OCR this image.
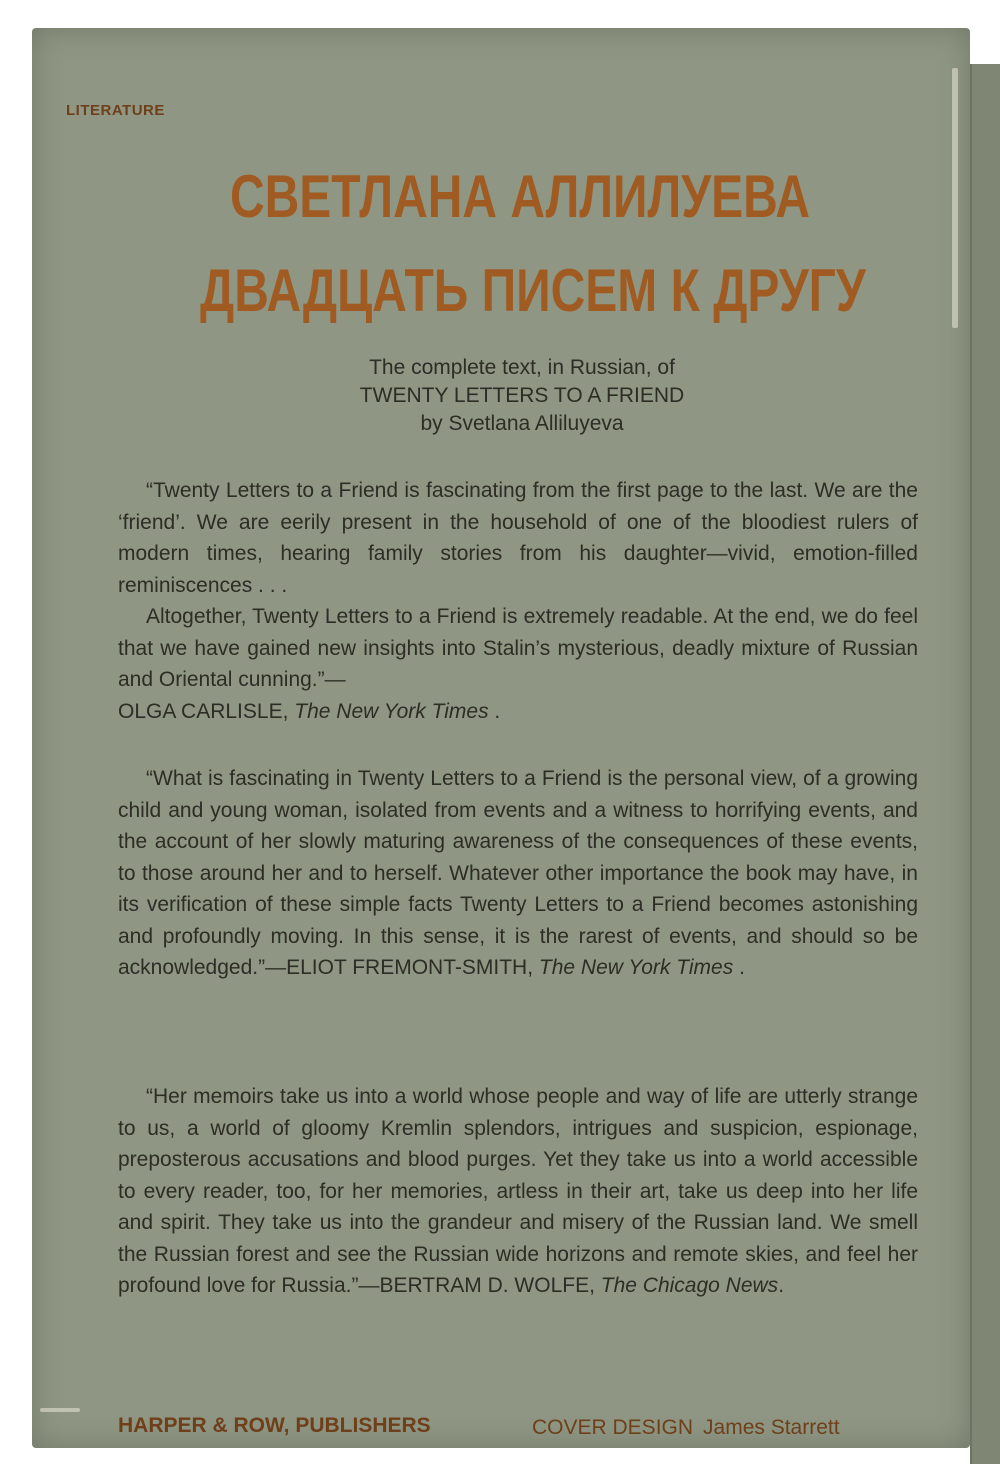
LITERATURE

СВЕТЛАНА АЛЛИЛУЕВА
ДВАДЦАТЬ ПИСЕМ К ДРУГУ
The complete text, in Russian, of
TWENTY LETTERS TO A FRIEND
by Svetlana Alliluyeva

“Twenty Letters to a Friend is fascinating from the first page to the last. We are the ‘friend’. We are eerily present in the household of one of the bloodiest rulers of modern times, hearing family stories from his daughter—vivid, emotion-filled reminiscences . . .

Altogether, Twenty Letters to a Friend is extremely readable. At the end, we do feel that we have gained new insights into Stalin’s mysterious, deadly mixture of Russian and Oriental cunning.”—

OLGA CARLISLE, The New York Times .

“What is fascinating in Twenty Letters to a Friend is the personal view, of a growing child and young woman, isolated from events and a witness to horrifying events, and the account of her slowly maturing awareness of the consequences of these events, to those around her and to herself. Whatever other importance the book may have, in its verification of these simple facts Twenty Letters to a Friend becomes astonishing and profoundly moving. In this sense, it is the rarest of events, and should so be acknowledged.”—ELIOT FREMONT-SMITH, The New York Times .

“Her memoirs take us into a world whose people and way of life are utterly strange to us, a world of gloomy Kremlin splendors, intrigues and suspicion, espionage, preposterous accusations and blood purges. Yet they take us into a world accessible to every reader, too, for her memories, artless in their art, take us deep into her life and spirit. They take us into the grandeur and misery of the Russian land. We smell the Russian forest and see the Russian wide horizons and remote skies, and feel her profound love for Russia.”—BERTRAM D. WOLFE, The Chicago News.

HARPER & ROW, PUBLISHERS	COVER DESIGN James Starrett
